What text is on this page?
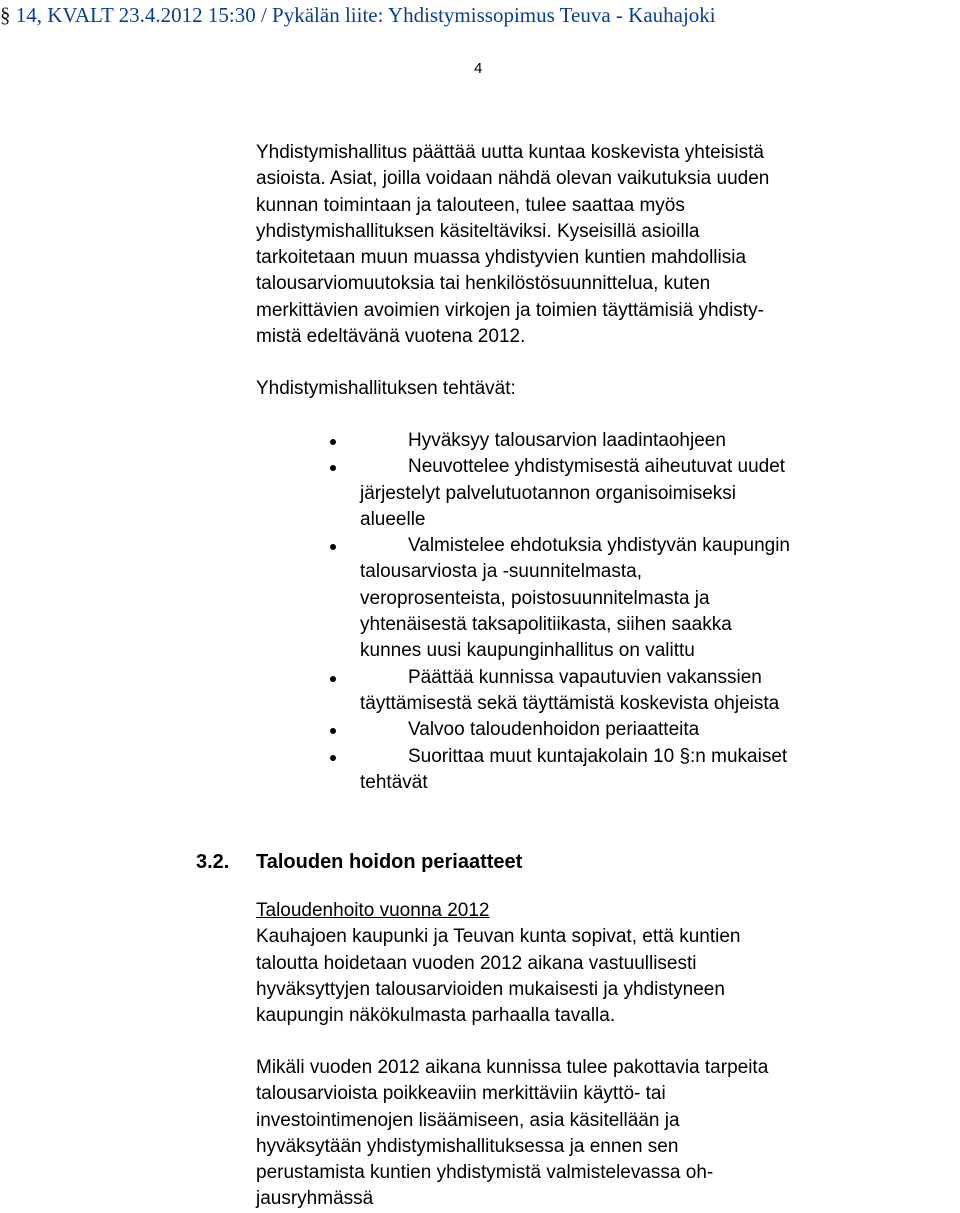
§ 14, KVALT 23.4.2012 15:30 / Pykälän liite: Yhdistymissopimus Teuva - Kauhajoki
4
Yhdistymishallitus päättää uutta kuntaa koskevista yhteisistä
asioista. Asiat, joilla voidaan nähdä olevan vaikutuksia uuden
kunnan toimintaan ja talouteen, tulee saattaa myös
yhdistymishallituksen käsiteltäviksi. Kyseisillä asioilla
tarkoitetaan muun muassa yhdistyvien kuntien mahdollisia
talousarviomuutoksia tai henkilöstösuunnittelua, kuten
merkittävien avoimien virkojen ja toimien täyttämisiä yhdisty-
mistä edeltävänä vuotena 2012.
Yhdistymishallituksen tehtävät:
Hyväksyy talousarvion laadintaohjeen
Neuvottelee yhdistymisestä aiheutuvat uudet
järjestelyt palvelutuotannon organisoimiseksi
alueelle
Valmistelee ehdotuksia yhdistyvän kaupungin
talousarviosta ja -suunnitelmasta,
veroprosenteista, poistosuunnitelmasta ja
yhtenäisestä taksapolitiikasta, siihen saakka
kunnes uusi kaupunginhallitus on valittu
Päättää kunnissa vapautuvien vakanssien
täyttämisestä sekä täyttämistä koskevista ohjeista
Valvoo taloudenhoidon periaatteita
Suorittaa muut kuntajakolain 10 §:n mukaiset
tehtävät
3.2. Talouden hoidon periaatteet
Taloudenhoito vuonna 2012
Kauhajoen kaupunki ja Teuvan kunta sopivat, että kuntien
taloutta hoidetaan vuoden 2012 aikana vastuullisesti
hyväksyttyjen talousarvioiden mukaisesti ja yhdistyneen
kaupungin näkökulmasta parhaalla tavalla.
Mikäli vuoden 2012 aikana kunnissa tulee pakottavia tarpeita
talousarvioista poikkeaviin merkittäviin käyttö- tai
investointimenojen lisäämiseen, asia käsitellään ja
hyväksytään yhdistymishallituksessa ja ennen sen
perustamista kuntien yhdistymistä valmistelevassa oh-
jausryhmässä
